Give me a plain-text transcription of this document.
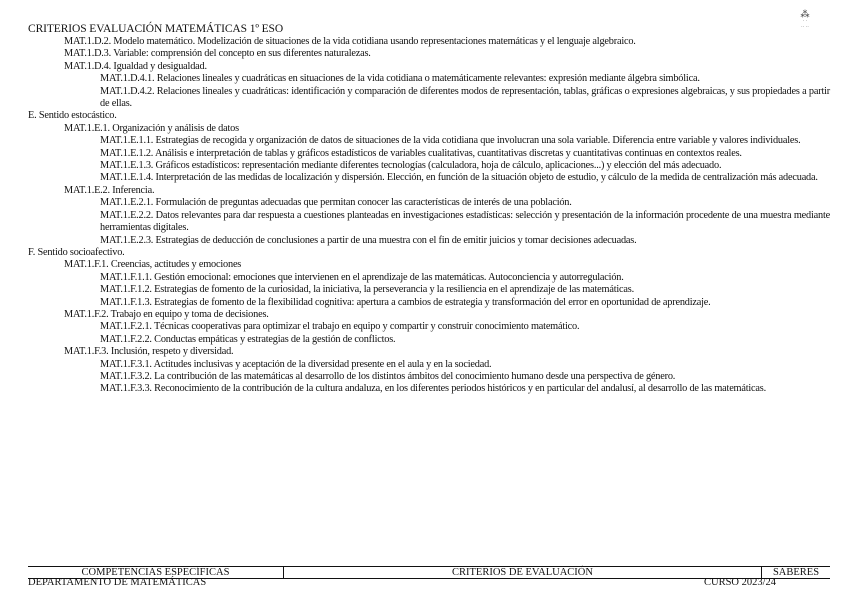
CRITERIOS EVALUACIÓN MATEMÁTICAS 1º ESO
⁂
· ·
·· ··
MAT.1.D.2. Modelo matemático. Modelización de situaciones de la vida cotidiana usando representaciones matemáticas y el lenguaje algebraico.
MAT.1.D.3. Variable: comprensión del concepto en sus diferentes naturalezas.
MAT.1.D.4. Igualdad y desigualdad.
MAT.1.D.4.1. Relaciones lineales y cuadráticas en situaciones de la vida cotidiana o matemáticamente relevantes: expresión mediante álgebra simbólica.
MAT.1.D.4.2. Relaciones lineales y cuadráticas: identificación y comparación de diferentes modos de representación, tablas, gráficas o expresiones algebraicas, y sus propiedades a partir de ellas.
E. Sentido estocástico.
MAT.1.E.1. Organización y análisis de datos
MAT.1.E.1.1. Estrategias de recogida y organización de datos de situaciones de la vida cotidiana que involucran una sola variable. Diferencia entre variable y valores individuales.
MAT.1.E.1.2. Análisis e interpretación de tablas y gráficos estadísticos de variables cualitativas, cuantitativas discretas y cuantitativas continuas en contextos reales.
MAT.1.E.1.3. Gráficos estadísticos: representación mediante diferentes tecnologías (calculadora, hoja de cálculo, aplicaciones...) y elección del más adecuado.
MAT.1.E.1.4. Interpretación de las medidas de localización y dispersión. Elección, en función de la situación objeto de estudio, y cálculo de la medida de centralización más adecuada.
MAT.1.E.2. Inferencia.
MAT.1.E.2.1. Formulación de preguntas adecuadas que permitan conocer las características de interés de una población.
MAT.1.E.2.2. Datos relevantes para dar respuesta a cuestiones planteadas en investigaciones estadísticas: selección y presentación de la información procedente de una muestra mediante herramientas digitales.
MAT.1.E.2.3. Estrategias de deducción de conclusiones a partir de una muestra con el fin de emitir juicios y tomar decisiones adecuadas.
F. Sentido socioafectivo.
MAT.1.F.1. Creencias, actitudes y emociones
MAT.1.F.1.1. Gestión emocional: emociones que intervienen en el aprendizaje de las matemáticas. Autoconciencia y autorregulación.
MAT.1.F.1.2. Estrategias de fomento de la curiosidad, la iniciativa, la perseverancia y la resiliencia en el aprendizaje de las matemáticas.
MAT.1.F.1.3. Estrategias de fomento de la flexibilidad cognitiva: apertura a cambios de estrategia y transformación del error en oportunidad de aprendizaje.
MAT.1.F.2. Trabajo en equipo y toma de decisiones.
MAT.1.F.2.1. Técnicas cooperativas para optimizar el trabajo en equipo y compartir y construir conocimiento matemático.
MAT.1.F.2.2. Conductas empáticas y estrategias de la gestión de conflictos.
MAT.1.F.3. Inclusión, respeto y diversidad.
MAT.1.F.3.1. Actitudes inclusivas y aceptación de la diversidad presente en el aula y en la sociedad.
MAT.1.F.3.2. La contribución de las matemáticas al desarrollo de los distintos ámbitos del conocimiento humano desde una perspectiva de género.
MAT.1.F.3.3. Reconocimiento de la contribución de la cultura andaluza, en los diferentes periodos históricos y en particular del andalusí, al desarrollo de las matemáticas.
COMPETENCIAS ESPECÍFICAS	CRITERIOS DE EVALUACIÓN	SABERES
DEPARTAMENTO DE MATEMÁTICAS	CURSO 2023/24
